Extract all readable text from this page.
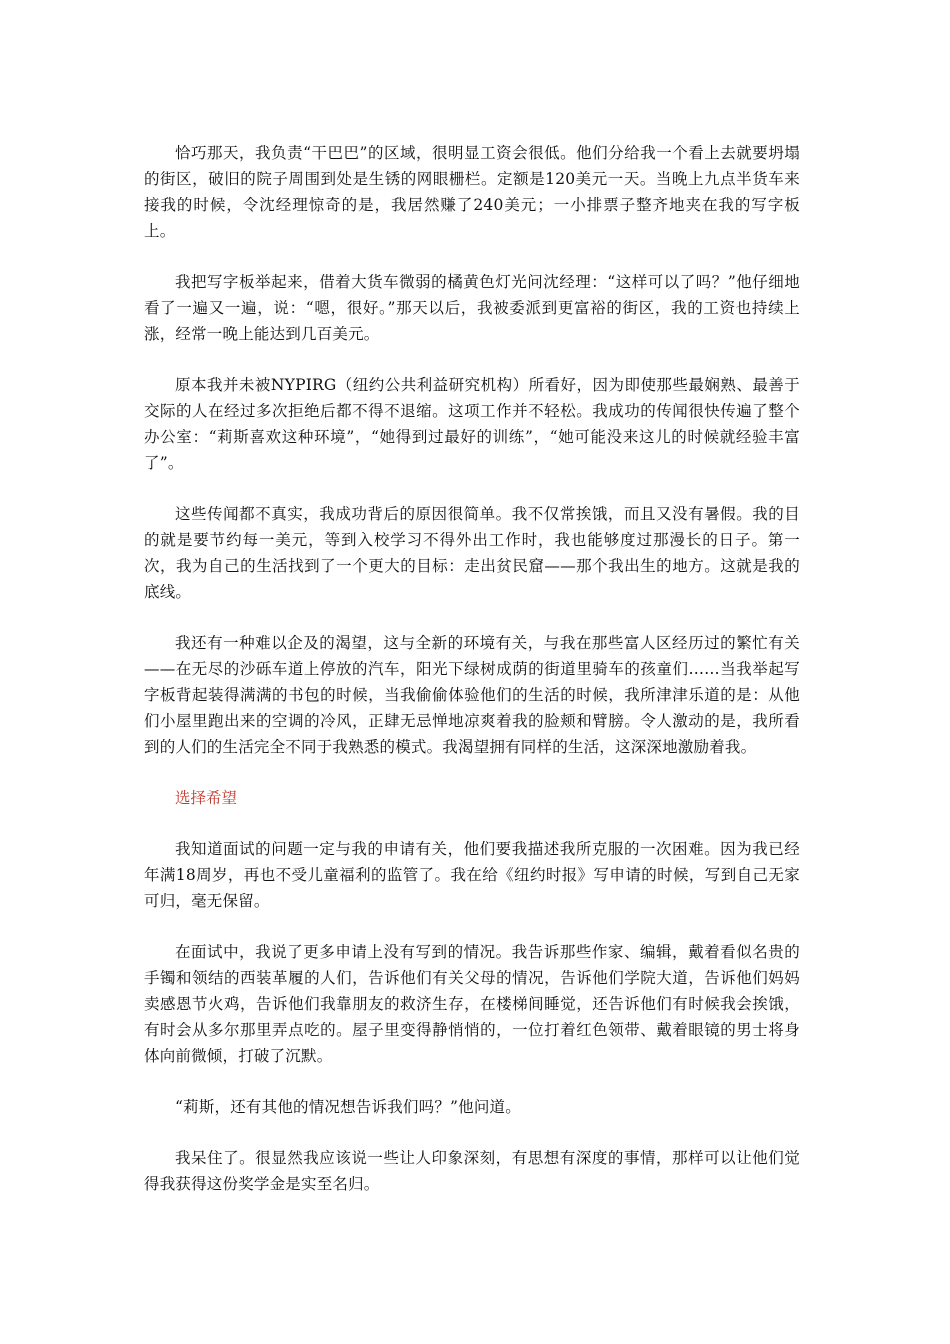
恰巧那天，我负责“干巴巴”的区域，很明显工资会很低。他们分给我一个看上去就要坍塌的街区，破旧的院子周围到处是生锈的网眼栅栏。定额是120美元一天。当晚上九点半货车来接我的时候，令沈经理惊奇的是，我居然赚了240美元；一小排票子整齐地夹在我的写字板上。

我把写字板举起来，借着大货车微弱的橘黄色灯光问沈经理：“这样可以了吗？”他仔细地看了一遍又一遍，说：“嗯，很好。”那天以后，我被委派到更富裕的街区，我的工资也持续上涨，经常一晚上能达到几百美元。

原本我并未被NYPIRG（纽约公共利益研究机构）所看好，因为即使那些最娴熟、最善于交际的人在经过多次拒绝后都不得不退缩。这项工作并不轻松。我成功的传闻很快传遍了整个办公室：“莉斯喜欢这种环境”，“她得到过最好的训练”，“她可能没来这儿的时候就经验丰富了”。

这些传闻都不真实，我成功背后的原因很简单。我不仅常挨饿，而且又没有暑假。我的目的就是要节约每一美元，等到入校学习不得外出工作时，我也能够度过那漫长的日子。第一次，我为自己的生活找到了一个更大的目标：走出贫民窟——那个我出生的地方。这就是我的底线。

我还有一种难以企及的渴望，这与全新的环境有关，与我在那些富人区经历过的繁忙有关——在无尽的沙砾车道上停放的汽车，阳光下绿树成荫的街道里骑车的孩童们……当我举起写字板背起装得满满的书包的时候，当我偷偷体验他们的生活的时候，我所津津乐道的是：从他们小屋里跑出来的空调的冷风，正肆无忌惮地凉爽着我的脸颊和臂膀。令人激动的是，我所看到的人们的生活完全不同于我熟悉的模式。我渴望拥有同样的生活，这深深地激励着我。

选择希望

我知道面试的问题一定与我的申请有关，他们要我描述我所克服的一次困难。因为我已经年满18周岁，再也不受儿童福利的监管了。我在给《纽约时报》写申请的时候，写到自己无家可归，毫无保留。

在面试中，我说了更多申请上没有写到的情况。我告诉那些作家、编辑，戴着看似名贵的手镯和领结的西装革履的人们，告诉他们有关父母的情况，告诉他们学院大道，告诉他们妈妈卖感恩节火鸡，告诉他们我靠朋友的救济生存，在楼梯间睡觉，还告诉他们有时候我会挨饿，有时会从多尔那里弄点吃的。屋子里变得静悄悄的，一位打着红色领带、戴着眼镜的男士将身体向前微倾，打破了沉默。

“莉斯，还有其他的情况想告诉我们吗？”他问道。

我呆住了。很显然我应该说一些让人印象深刻，有思想有深度的事情，那样可以让他们觉得我获得这份奖学金是实至名归。
